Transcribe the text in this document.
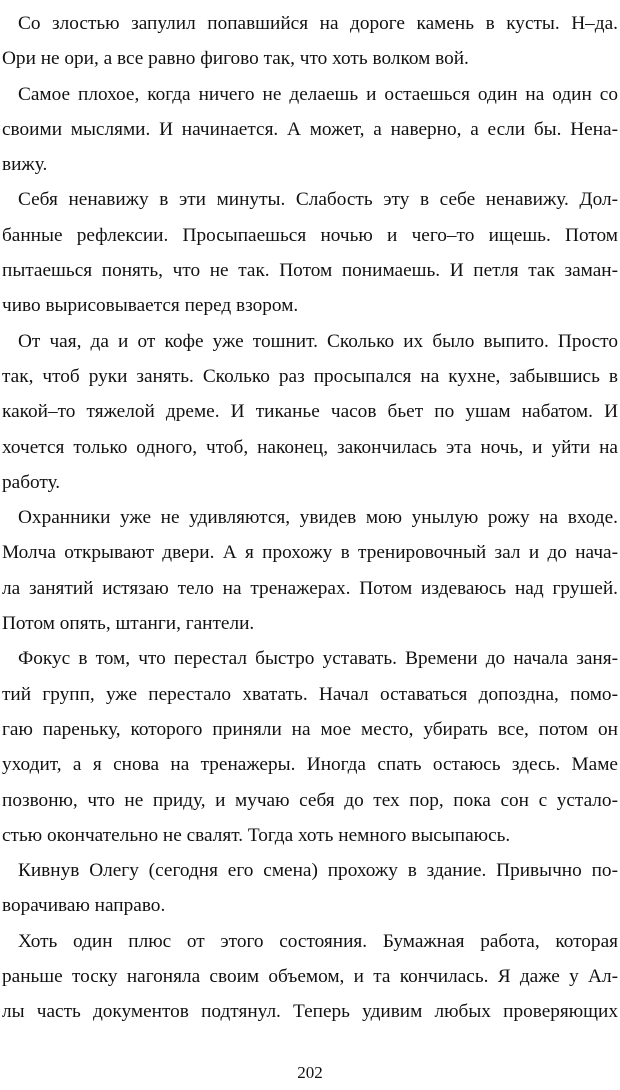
Со злостью запулил попавшийся на дороге камень в кусты. Н–да.
Ори не ори, а все равно фигово так, что хоть волком вой.
Самое плохое, когда ничего не делаешь и остаешься один на один со
своими мыслями. И начинается. А может, а наверно, а если бы. Нена-
вижу.
Себя ненавижу в эти минуты. Слабость эту в себе ненавижу. Дол-
банные рефлексии. Просыпаешься ночью и чего–то ищешь. Потом
пытаешься понять, что не так. Потом понимаешь. И петля так заман-
чиво вырисовывается перед взором.
От чая, да и от кофе уже тошнит. Сколько их было выпито. Просто
так, чтоб руки занять. Сколько раз просыпался на кухне, забывшись в
какой–то тяжелой дреме. И тиканье часов бьет по ушам набатом. И
хочется только одного, чтоб, наконец, закончилась эта ночь, и уйти на
работу.
Охранники уже не удивляются, увидев мою унылую рожу на входе.
Молча открывают двери. А я прохожу в тренировочный зал и до нача-
ла занятий истязаю тело на тренажерах. Потом издеваюсь над грушей.
Потом опять, штанги, гантели.
Фокус в том, что перестал быстро уставать. Времени до начала заня-
тий групп, уже перестало хватать. Начал оставаться допоздна, помо-
гаю пареньку, которого приняли на мое место, убирать все, потом он
уходит, а я снова на тренажеры. Иногда спать остаюсь здесь. Маме
позвоню, что не приду, и мучаю себя до тех пор, пока сон с устало-
стью окончательно не свалят. Тогда хоть немного высыпаюсь.
Кивнув Олегу (сегодня его смена) прохожу в здание. Привычно по-
ворачиваю направо.
Хоть один плюс от этого состояния. Бумажная работа, которая
раньше тоску нагоняла своим объемом, и та кончилась. Я даже у Ал-
лы часть документов подтянул. Теперь удивим любых проверяющих
202
